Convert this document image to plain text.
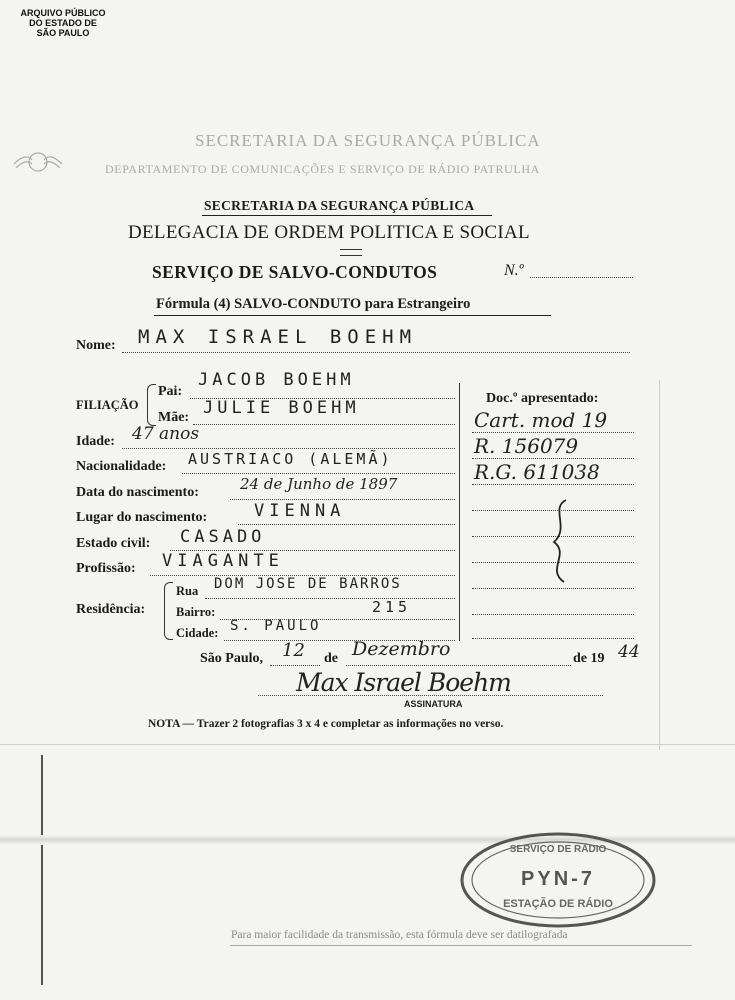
ARQUIVO PÚBLICO
DO ESTADO DE
SÃO PAULO
SECRETARIA DA SEGURANÇA PÚBLICA
DEPARTAMENTO DE COMUNICAÇÕES E SERVIÇO DE RÁDIO PATRULHA
SECRETARIA DA SEGURANÇA PÚBLICA
DELEGACIA DE ORDEM POLITICA E SOCIAL
SERVIÇO DE SALVO-CONDUTOS	N.º
Fórmula (4) SALVO-CONDUTO para Estrangeiro
Nome: MAX ISRAEL BOEHM
FILIAÇÃO
Pai:
JACOB BOEHM
Mãe: JULIE BOEHM
Idade: 47 anos
Nacionalidade: AUSTRIACO (ALEMÃ)
Data do nascimento:	24 de Junho de 1897
Lugar do nascimento:	VIENNA
Estado civil: CASADO
Profissão: VIAGANTE
Residência:
Rua DOM JOSE DE BARROS
Bairro:	215
Cidade: S. PAULO
Doc.º apresentado:
Cart. mod 19
R. 156079
R.G. 611038
São Paulo, 12 de Dezembro	de 19 44
Max Israel Boehm
ASSINATURA
NOTA — Trazer 2 fotografias 3 x 4 e completar as informações no verso.
SERVIÇO DE RÁDIO
PYN-7
ESTAÇÃO DE RÁDIO
Para maior facilidade da transmissão, esta fórmula deve ser datilografada
